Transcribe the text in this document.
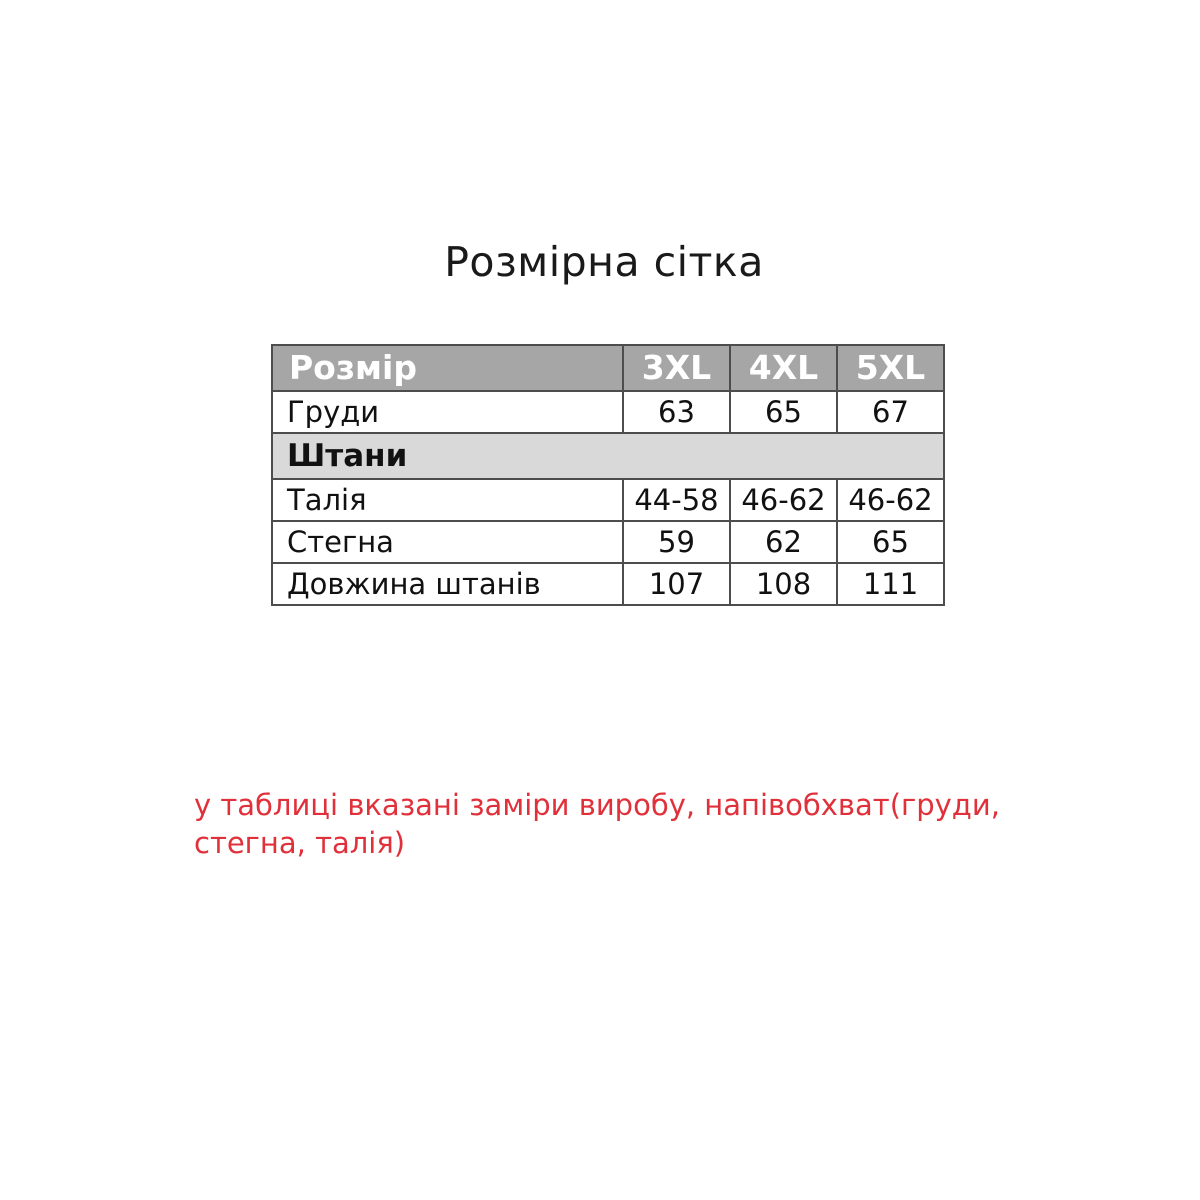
Розмірна сітка
Розмір	3XL	4XL	5XL
Груди	63	65	67
Штани			
Талія	44-58	46-62	46-62
Стегна	59	62	65
Довжина штанів	107	108	111
у таблиці вказані заміри виробу, напівобхват(груди,
стегна, талія)
